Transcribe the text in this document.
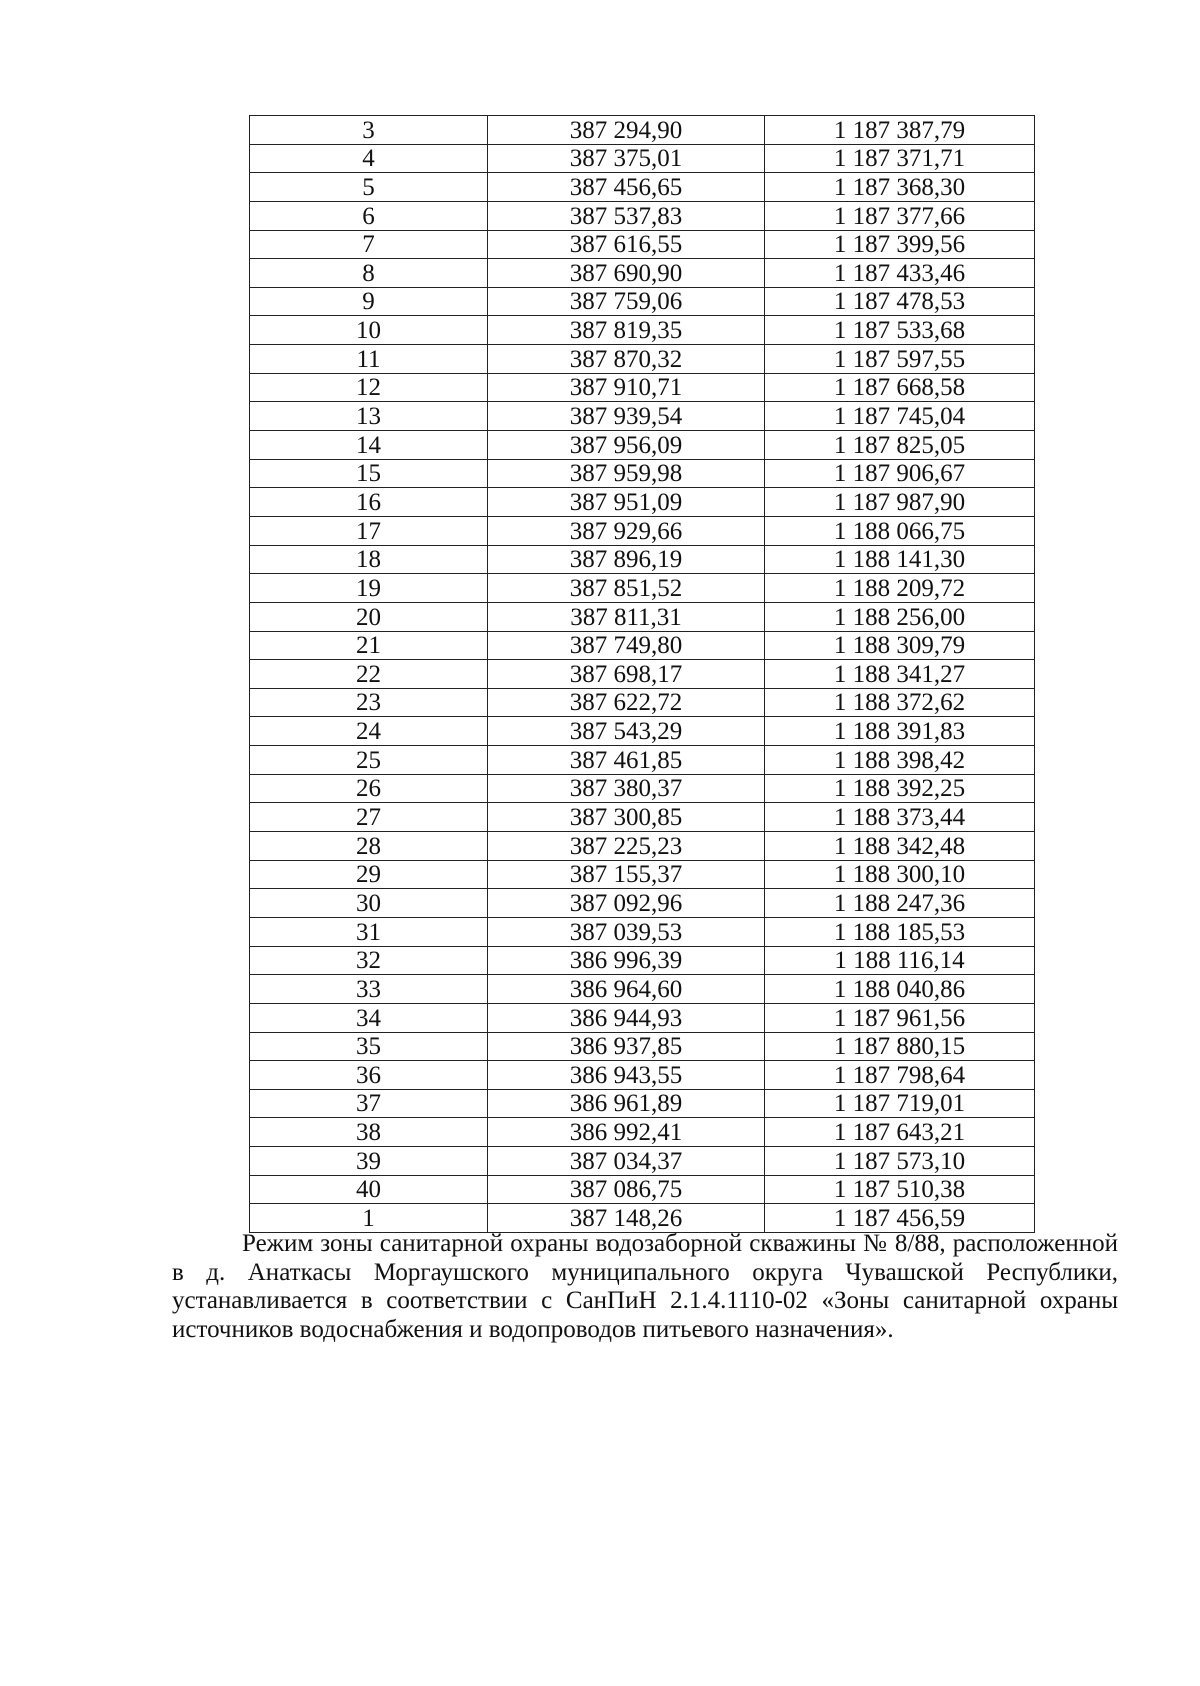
3	387 294,90	1 187 387,79
4	387 375,01	1 187 371,71
5	387 456,65	1 187 368,30
6	387 537,83	1 187 377,66
7	387 616,55	1 187 399,56
8	387 690,90	1 187 433,46
9	387 759,06	1 187 478,53
10	387 819,35	1 187 533,68
11	387 870,32	1 187 597,55
12	387 910,71	1 187 668,58
13	387 939,54	1 187 745,04
14	387 956,09	1 187 825,05
15	387 959,98	1 187 906,67
16	387 951,09	1 187 987,90
17	387 929,66	1 188 066,75
18	387 896,19	1 188 141,30
19	387 851,52	1 188 209,72
20	387 811,31	1 188 256,00
21	387 749,80	1 188 309,79
22	387 698,17	1 188 341,27
23	387 622,72	1 188 372,62
24	387 543,29	1 188 391,83
25	387 461,85	1 188 398,42
26	387 380,37	1 188 392,25
27	387 300,85	1 188 373,44
28	387 225,23	1 188 342,48
29	387 155,37	1 188 300,10
30	387 092,96	1 188 247,36
31	387 039,53	1 188 185,53
32	386 996,39	1 188 116,14
33	386 964,60	1 188 040,86
34	386 944,93	1 187 961,56
35	386 937,85	1 187 880,15
36	386 943,55	1 187 798,64
37	386 961,89	1 187 719,01
38	386 992,41	1 187 643,21
39	387 034,37	1 187 573,10
40	387 086,75	1 187 510,38
1	387 148,26	1 187 456,59

Режим зоны санитарной охраны водозаборной скважины № 8/88, расположенной в д. Анаткасы Моргаушского муниципального округа Чувашской Республики, устанавливается в соответствии с СанПиН 2.1.4.1110-02 «Зоны санитарной охраны источников водоснабжения и водопроводов питьевого назначения».
